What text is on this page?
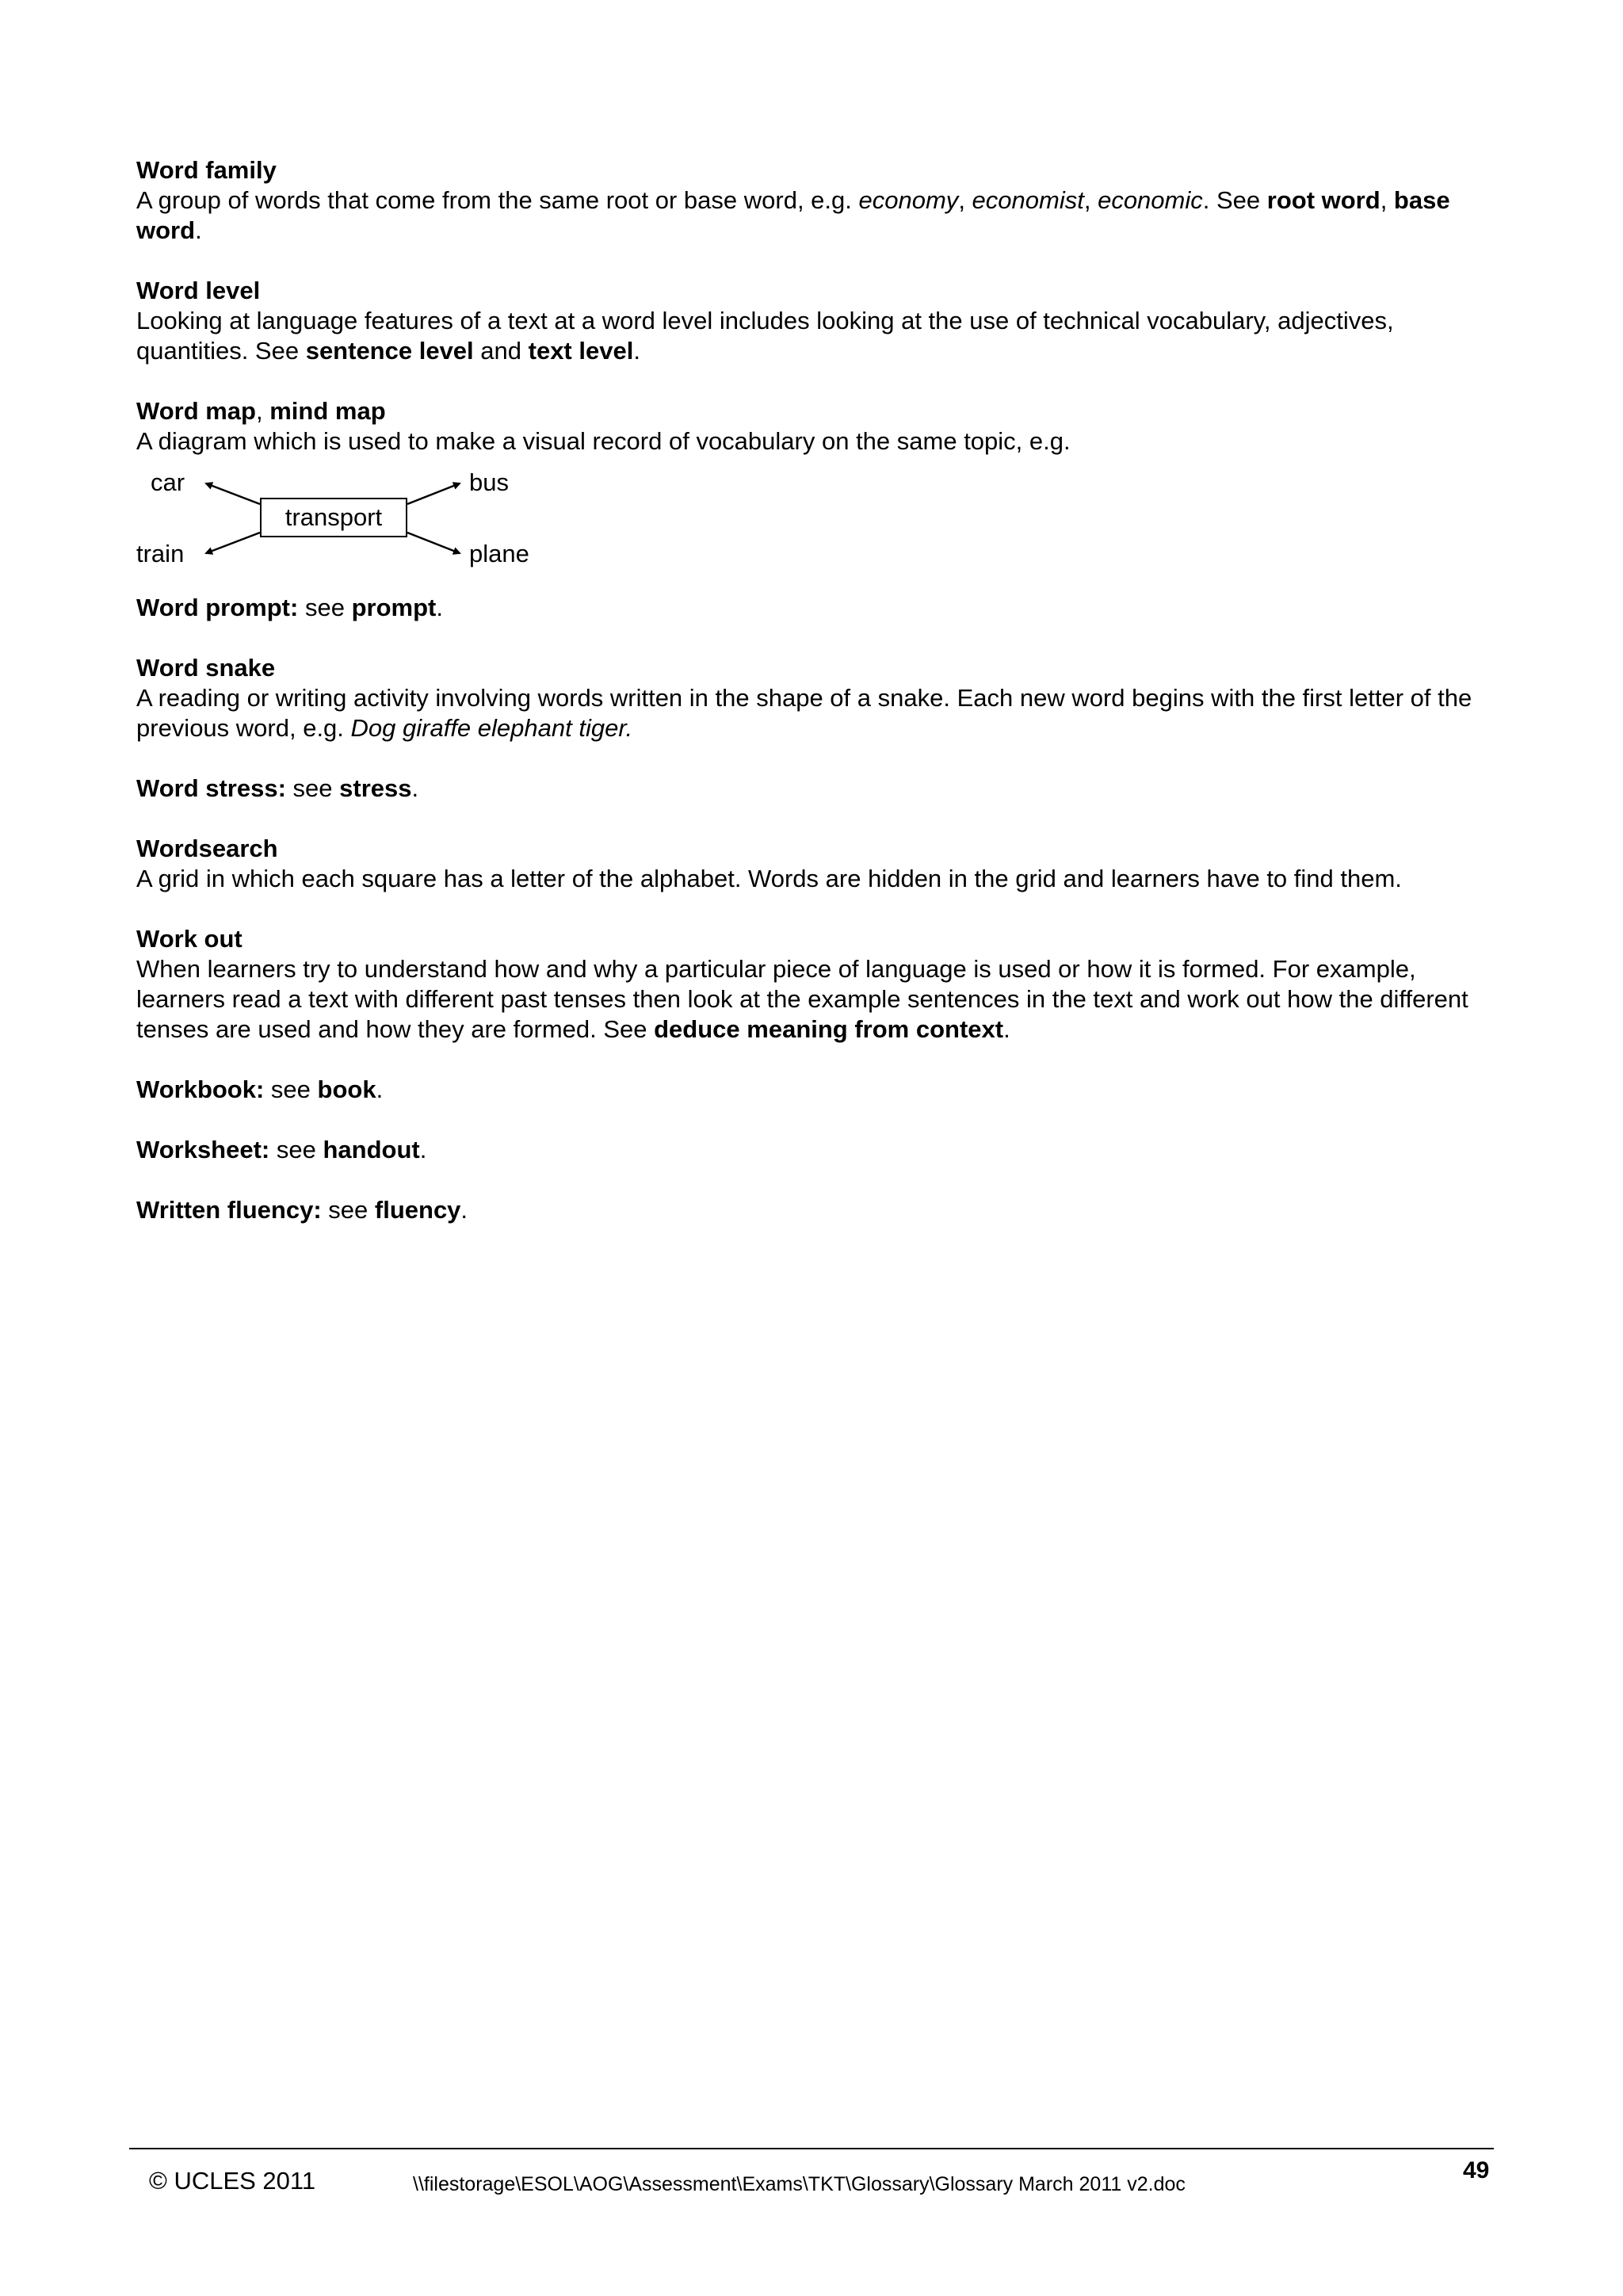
Word family
A group of words that come from the same root or base word, e.g. economy, economist, economic. See root word, base word.
Word level
Looking at language features of a text at a word level includes looking at the use of technical vocabulary, adjectives, quantities. See sentence level and text level.
Word map, mind map
A diagram which is used to make a visual record of vocabulary on the same topic, e.g.
car	bus
train	plane
transport
Word prompt: see prompt.
Word snake
A reading or writing activity involving words written in the shape of a snake. Each new word begins with the first letter of the previous word, e.g. Dog giraffe elephant tiger.
Word stress: see stress.
Wordsearch
A grid in which each square has a letter of the alphabet. Words are hidden in the grid and learners have to find them.
Work out
When learners try to understand how and why a particular piece of language is used or how it is formed. For example, learners read a text with different past tenses then look at the example sentences in the text and work out how the different tenses are used and how they are formed. See deduce meaning from context.
Workbook: see book.
Worksheet: see handout.
Written fluency: see fluency.
© UCLES 2011	\\filestorage\ESOL\AOG\Assessment\Exams\TKT\Glossary\Glossary March 2011 v2.doc
49
